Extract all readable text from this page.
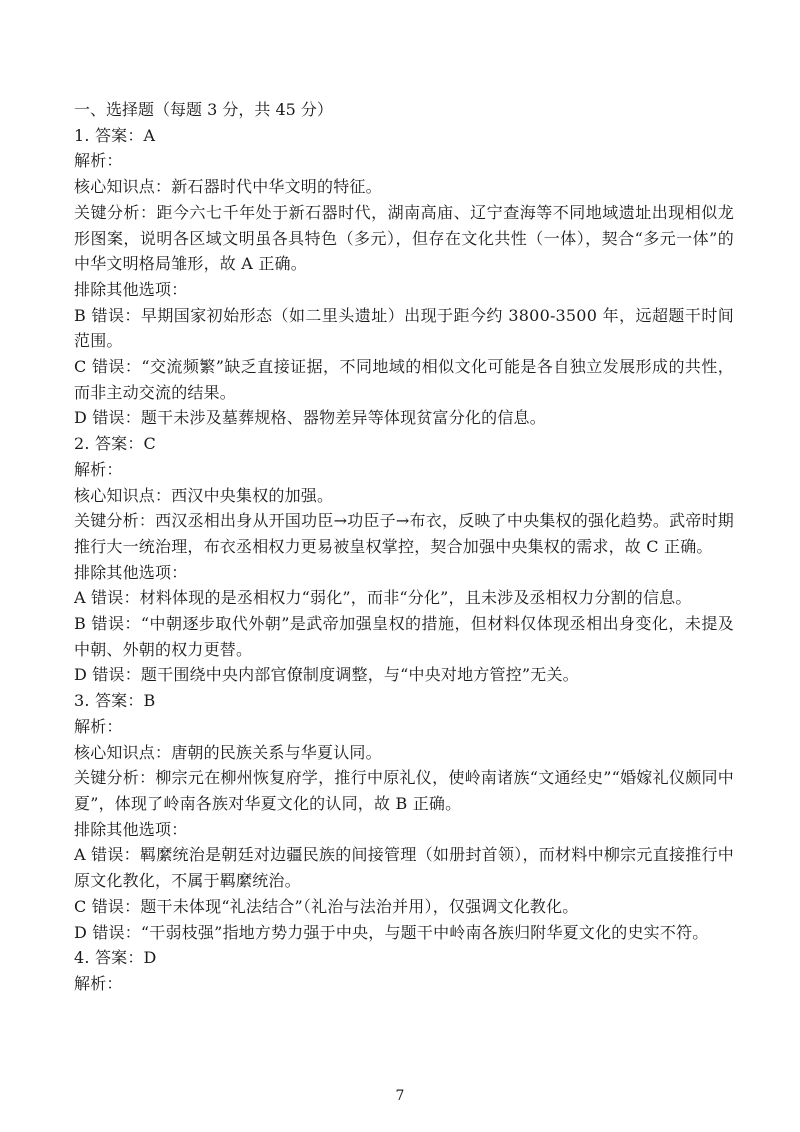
一、选择题（每题 3 分，共 45 分）
1. 答案：A
解析：
核心知识点：新石器时代中华文明的特征。
关键分析：距今六七千年处于新石器时代，湖南高庙、辽宁查海等不同地域遗址出现相似龙形图案，说明各区域文明虽各具特色（多元），但存在文化共性（一体），契合“多元一体”的中华文明格局雏形，故 A 正确。
排除其他选项：
B 错误：早期国家初始形态（如二里头遗址）出现于距今约 3800-3500 年，远超题干时间范围。
C 错误：“交流频繁”缺乏直接证据，不同地域的相似文化可能是各自独立发展形成的共性，而非主动交流的结果。
D 错误：题干未涉及墓葬规格、器物差异等体现贫富分化的信息。
2. 答案：C
解析：
核心知识点：西汉中央集权的加强。
关键分析：西汉丞相出身从开国功臣→功臣子→布衣，反映了中央集权的强化趋势。武帝时期推行大一统治理，布衣丞相权力更易被皇权掌控，契合加强中央集权的需求，故 C 正确。
排除其他选项：
A 错误：材料体现的是丞相权力“弱化”，而非“分化”，且未涉及丞相权力分割的信息。
B 错误：“中朝逐步取代外朝”是武帝加强皇权的措施，但材料仅体现丞相出身变化，未提及中朝、外朝的权力更替。
D 错误：题干围绕中央内部官僚制度调整，与“中央对地方管控”无关。
3. 答案：B
解析：
核心知识点：唐朝的民族关系与华夏认同。
关键分析：柳宗元在柳州恢复府学，推行中原礼仪，使岭南诸族“文通经史”“婚嫁礼仪颇同中夏”，体现了岭南各族对华夏文化的认同，故 B 正确。
排除其他选项：
A 错误：羁縻统治是朝廷对边疆民族的间接管理（如册封首领），而材料中柳宗元直接推行中原文化教化，不属于羁縻统治。
C 错误：题干未体现“礼法结合”（礼治与法治并用），仅强调文化教化。
D 错误：“干弱枝强”指地方势力强于中央，与题干中岭南各族归附华夏文化的史实不符。
4. 答案：D
解析：
7
